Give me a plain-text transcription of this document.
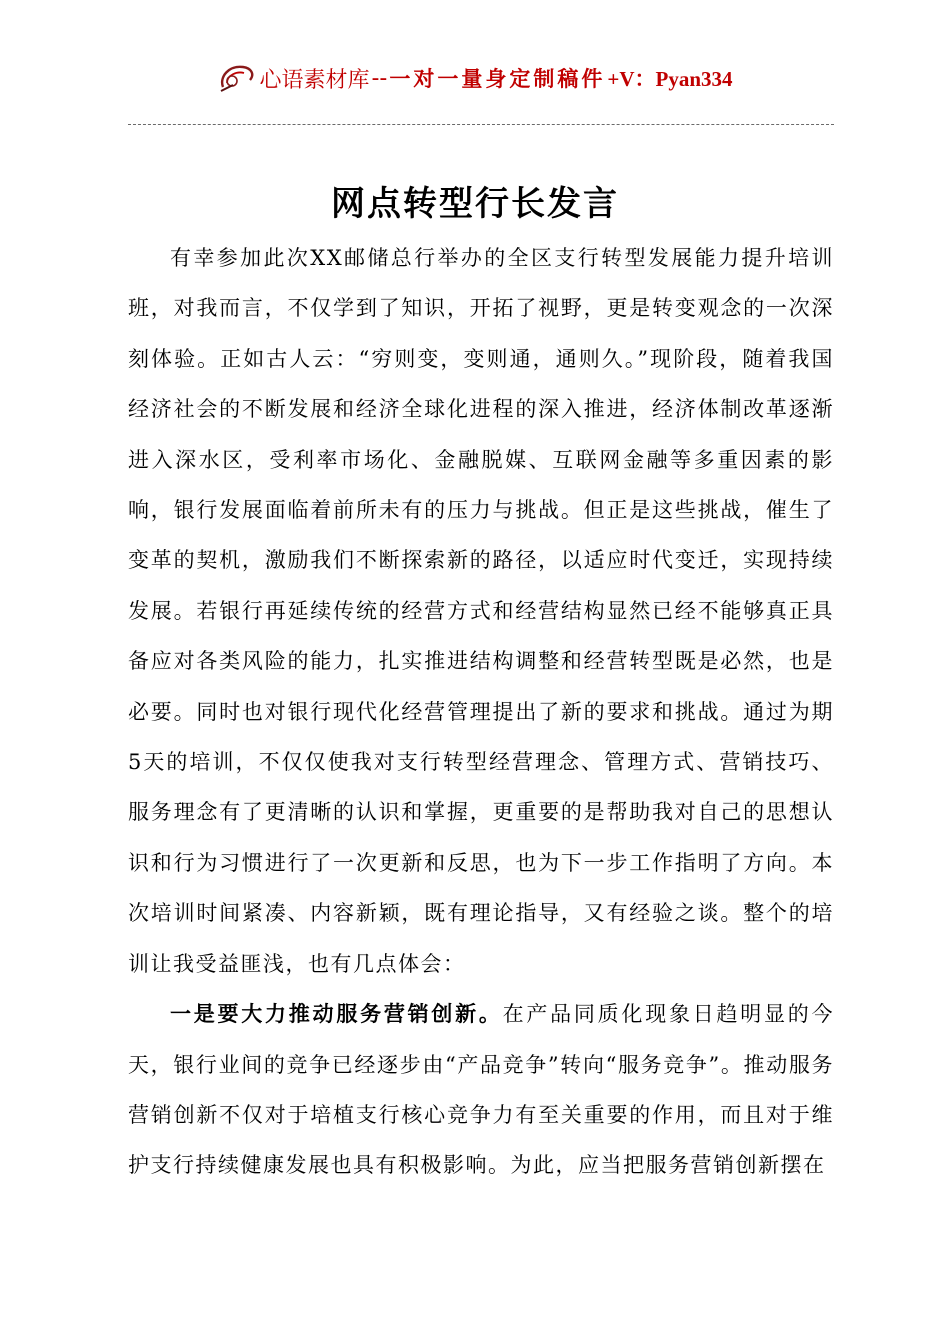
心语素材库 -- 一对一量身定制稿件 +V：Pyan334
网点转型行长发言

有幸参加此次XX邮储总行举办的全区支行转型发展能力提升培训班，对我而言，不仅学到了知识，开拓了视野，更是转变观念的一次深刻体验。正如古人云：“穷则变，变则通，通则久。”现阶段，随着我国经济社会的不断发展和经济全球化进程的深入推进，经济体制改革逐渐进入深水区，受利率市场化、金融脱媒、互联网金融等多重因素的影响，银行发展面临着前所未有的压力与挑战。但正是这些挑战，催生了变革的契机，激励我们不断探索新的路径，以适应时代变迁，实现持续发展。若银行再延续传统的经营方式和经营结构显然已经不能够真正具备应对各类风险的能力，扎实推进结构调整和经营转型既是必然，也是必要。同时也对银行现代化经营管理提出了新的要求和挑战。通过为期5天的培训，不仅仅使我对支行转型经营理念、管理方式、营销技巧、服务理念有了更清晰的认识和掌握，更重要的是帮助我对自己的思想认识和行为习惯进行了一次更新和反思，也为下一步工作指明了方向。本次培训时间紧凑、内容新颖，既有理论指导，又有经验之谈。整个的培训让我受益匪浅，也有几点体会：

一是要大力推动服务营销创新。在产品同质化现象日趋明显的今天，银行业间的竞争已经逐步由“产品竞争”转向“服务竞争”。推动服务营销创新不仅对于培植支行核心竞争力有至关重要的作用，而且对于维护支行持续健康发展也具有积极影响。为此，应当把服务营销创新摆在
